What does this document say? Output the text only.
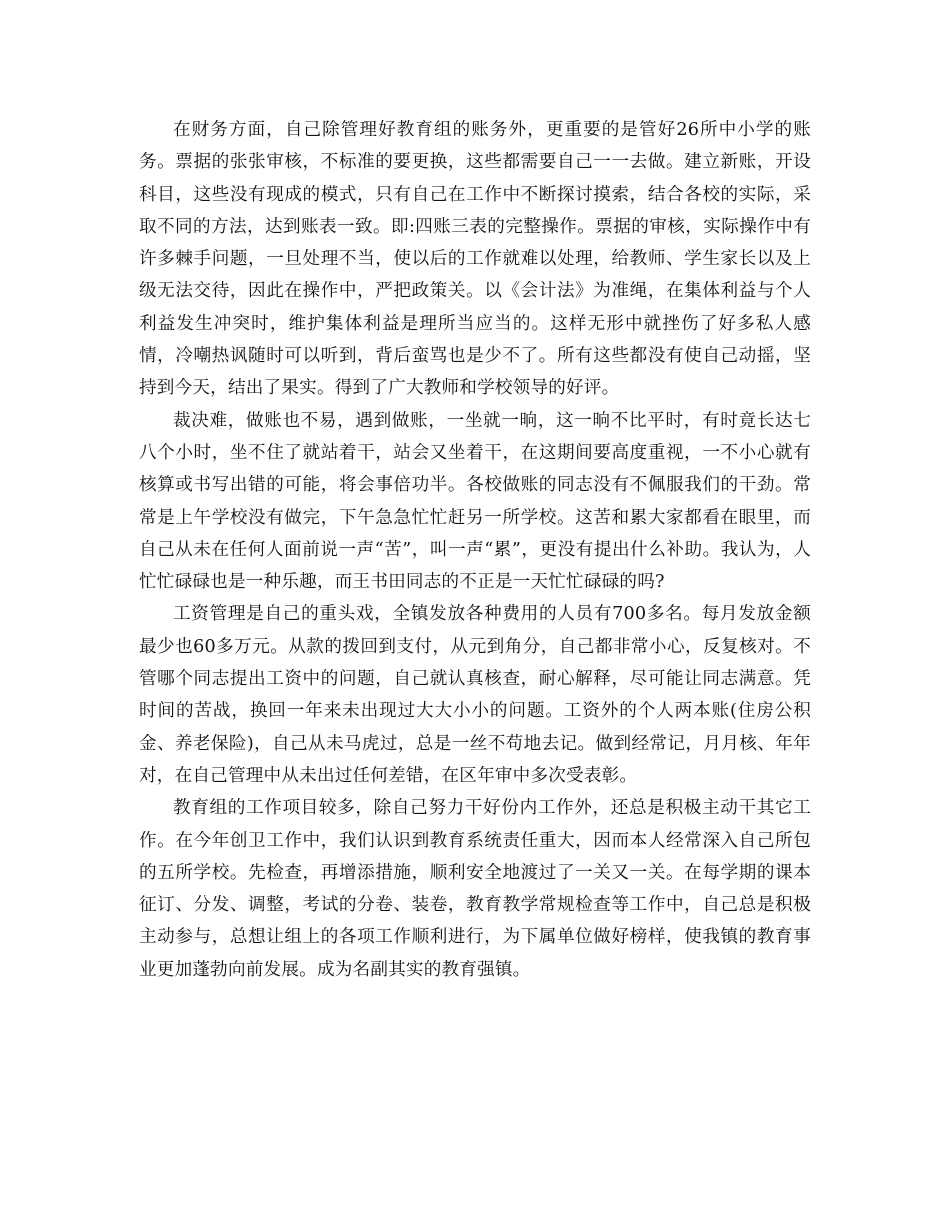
在财务方面，自己除管理好教育组的账务外，更重要的是管好26所中小学的账务。票据的张张审核，不标准的要更换，这些都需要自己一一去做。建立新账，开设科目，这些没有现成的模式，只有自己在工作中不断探讨摸索，结合各校的实际，采取不同的方法，达到账表一致。即:四账三表的完整操作。票据的审核，实际操作中有许多棘手问题，一旦处理不当，使以后的工作就难以处理，给教师、学生家长以及上级无法交待，因此在操作中，严把政策关。以《会计法》为准绳，在集体利益与个人利益发生冲突时，维护集体利益是理所当应当的。这样无形中就挫伤了好多私人感情，冷嘲热讽随时可以听到，背后蛮骂也是少不了。所有这些都没有使自己动摇，坚持到今天，结出了果实。得到了广大教师和学校领导的好评。

裁决难，做账也不易，遇到做账，一坐就一晌，这一晌不比平时，有时竟长达七八个小时，坐不住了就站着干，站会又坐着干，在这期间要高度重视，一不小心就有核算或书写出错的可能，将会事倍功半。各校做账的同志没有不佩服我们的干劲。常常是上午学校没有做完，下午急急忙忙赶另一所学校。这苦和累大家都看在眼里，而自己从未在任何人面前说一声“苦”，叫一声“累”，更没有提出什么补助。我认为，人忙忙碌碌也是一种乐趣，而王书田同志的不正是一天忙忙碌碌的吗?

工资管理是自己的重头戏，全镇发放各种费用的人员有700多名。每月发放金额最少也60多万元。从款的拨回到支付，从元到角分，自己都非常小心，反复核对。不管哪个同志提出工资中的问题，自己就认真核查，耐心解释，尽可能让同志满意。凭时间的苦战，换回一年来未出现过大大小小的问题。工资外的个人两本账(住房公积金、养老保险)，自己从未马虎过，总是一丝不苟地去记。做到经常记，月月核、年年对，在自己管理中从未出过任何差错，在区年审中多次受表彰。

教育组的工作项目较多，除自己努力干好份内工作外，还总是积极主动干其它工作。在今年创卫工作中，我们认识到教育系统责任重大，因而本人经常深入自己所包的五所学校。先检查，再增添措施，顺利安全地渡过了一关又一关。在每学期的课本征订、分发、调整，考试的分卷、装卷，教育教学常规检查等工作中，自己总是积极主动参与，总想让组上的各项工作顺利进行，为下属单位做好榜样，使我镇的教育事业更加蓬勃向前发展。成为名副其实的教育强镇。
